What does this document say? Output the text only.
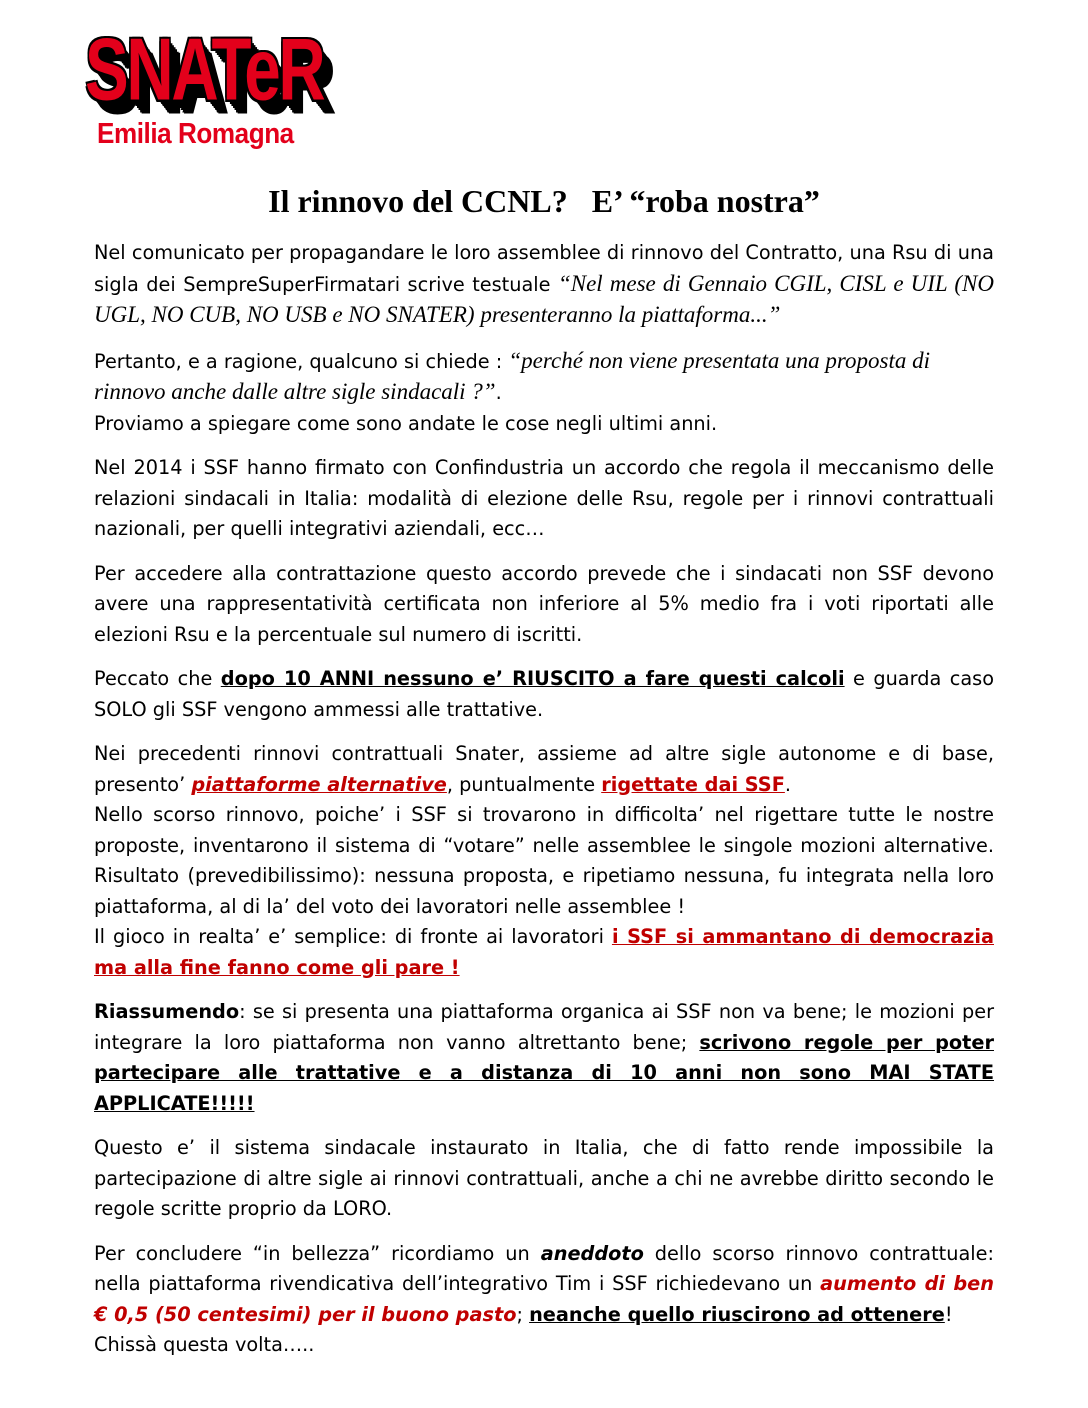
SNATeR
Emilia Romagna
Il rinnovo del CCNL?   E’ “roba nostra”

Nel comunicato per propagandare le loro assemblee di rinnovo del Contratto, una Rsu di una sigla dei SempreSuperFirmatari scrive testuale “Nel mese di Gennaio CGIL, CISL e UIL (NO UGL, NO CUB, NO USB e NO SNATER) presenteranno la piattaforma...”

Pertanto, e a ragione, qualcuno si chiede : “perché non viene presentata una proposta di rinnovo anche dalle altre sigle sindacali ?”.
Proviamo a spiegare come sono andate le cose negli ultimi anni.

Nel 2014 i SSF hanno firmato con Confindustria un accordo che regola il meccanismo delle relazioni sindacali in Italia: modalità di elezione delle Rsu, regole per i rinnovi contrattuali nazionali, per quelli integrativi aziendali, ecc…

Per accedere alla contrattazione questo accordo prevede che i sindacati non SSF devono avere una rappresentatività certificata non inferiore al 5% medio fra i voti riportati alle elezioni Rsu e la percentuale sul numero di iscritti.

Peccato che dopo 10 ANNI nessuno e’ RIUSCITO a fare questi calcoli e guarda caso SOLO gli SSF vengono ammessi alle trattative.

Nei precedenti rinnovi contrattuali Snater, assieme ad altre sigle autonome e di base, presento’ piattaforme alternative, puntualmente rigettate dai SSF.
Nello scorso rinnovo, poiche’ i SSF si trovarono in difficolta’ nel rigettare tutte le nostre proposte, inventarono il sistema di “votare” nelle assemblee le singole mozioni alternative. Risultato (prevedibilissimo): nessuna proposta, e ripetiamo nessuna, fu integrata nella loro piattaforma, al di la’ del voto dei lavoratori nelle assemblee !
Il gioco in realta’ e’ semplice: di fronte ai lavoratori i SSF si ammantano di democrazia ma alla fine fanno come gli pare !

Riassumendo: se si presenta una piattaforma organica ai SSF non va bene; le mozioni per integrare la loro piattaforma non vanno altrettanto bene; scrivono regole per poter partecipare alle trattative e a distanza di 10 anni non sono MAI STATE APPLICATE!!!!!

Questo e’ il sistema sindacale instaurato in Italia, che di fatto rende impossibile la partecipazione di altre sigle ai rinnovi contrattuali, anche a chi ne avrebbe diritto secondo le regole scritte proprio da LORO.

Per concludere “in bellezza” ricordiamo un aneddoto dello scorso rinnovo contrattuale: nella piattaforma rivendicativa dell’integrativo Tim i SSF richiedevano un aumento di ben € 0,5 (50 centesimi) per il buono pasto; neanche quello riuscirono ad ottenere!
Chissà questa volta…..
